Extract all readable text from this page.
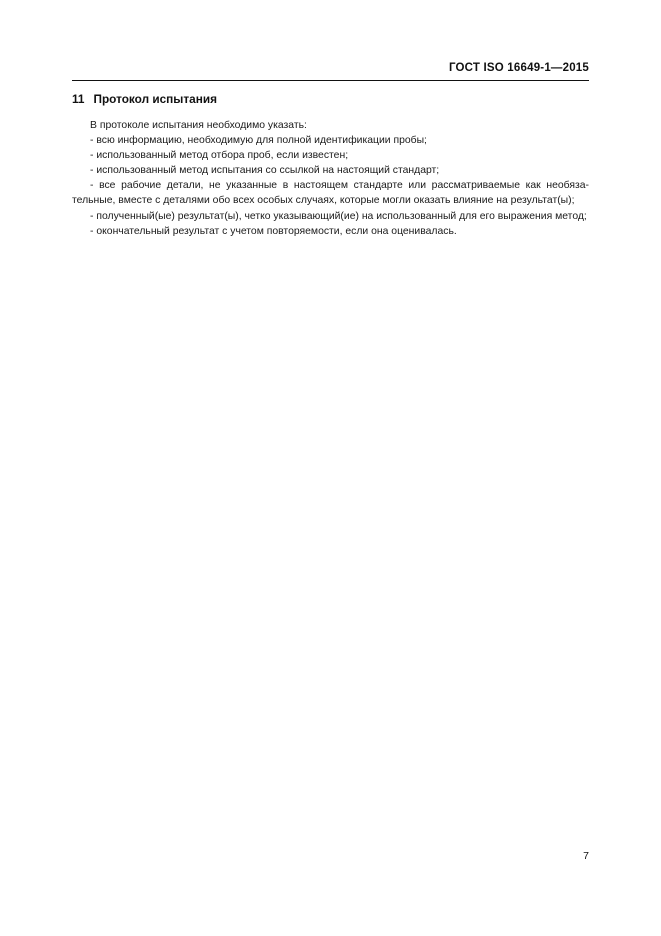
ГОСТ ISO 16649-1—2015
11 Протокол испытания

В протоколе испытания необходимо указать:

- всю информацию, необходимую для полной идентификации пробы;

- использованный метод отбора проб, если известен;

- использованный метод испытания со ссылкой на настоящий стандарт;

- все рабочие детали, не указанные в настоящем стандарте или рассматриваемые как необяза-тельные, вместе с деталями обо всех особых случаях, которые могли оказать влияние на результат(ы);

- полученный(ые) результат(ы), четко указывающий(ие) на использованный для его выражения метод;

- окончательный результат с учетом повторяемости, если она оценивалась.

7
